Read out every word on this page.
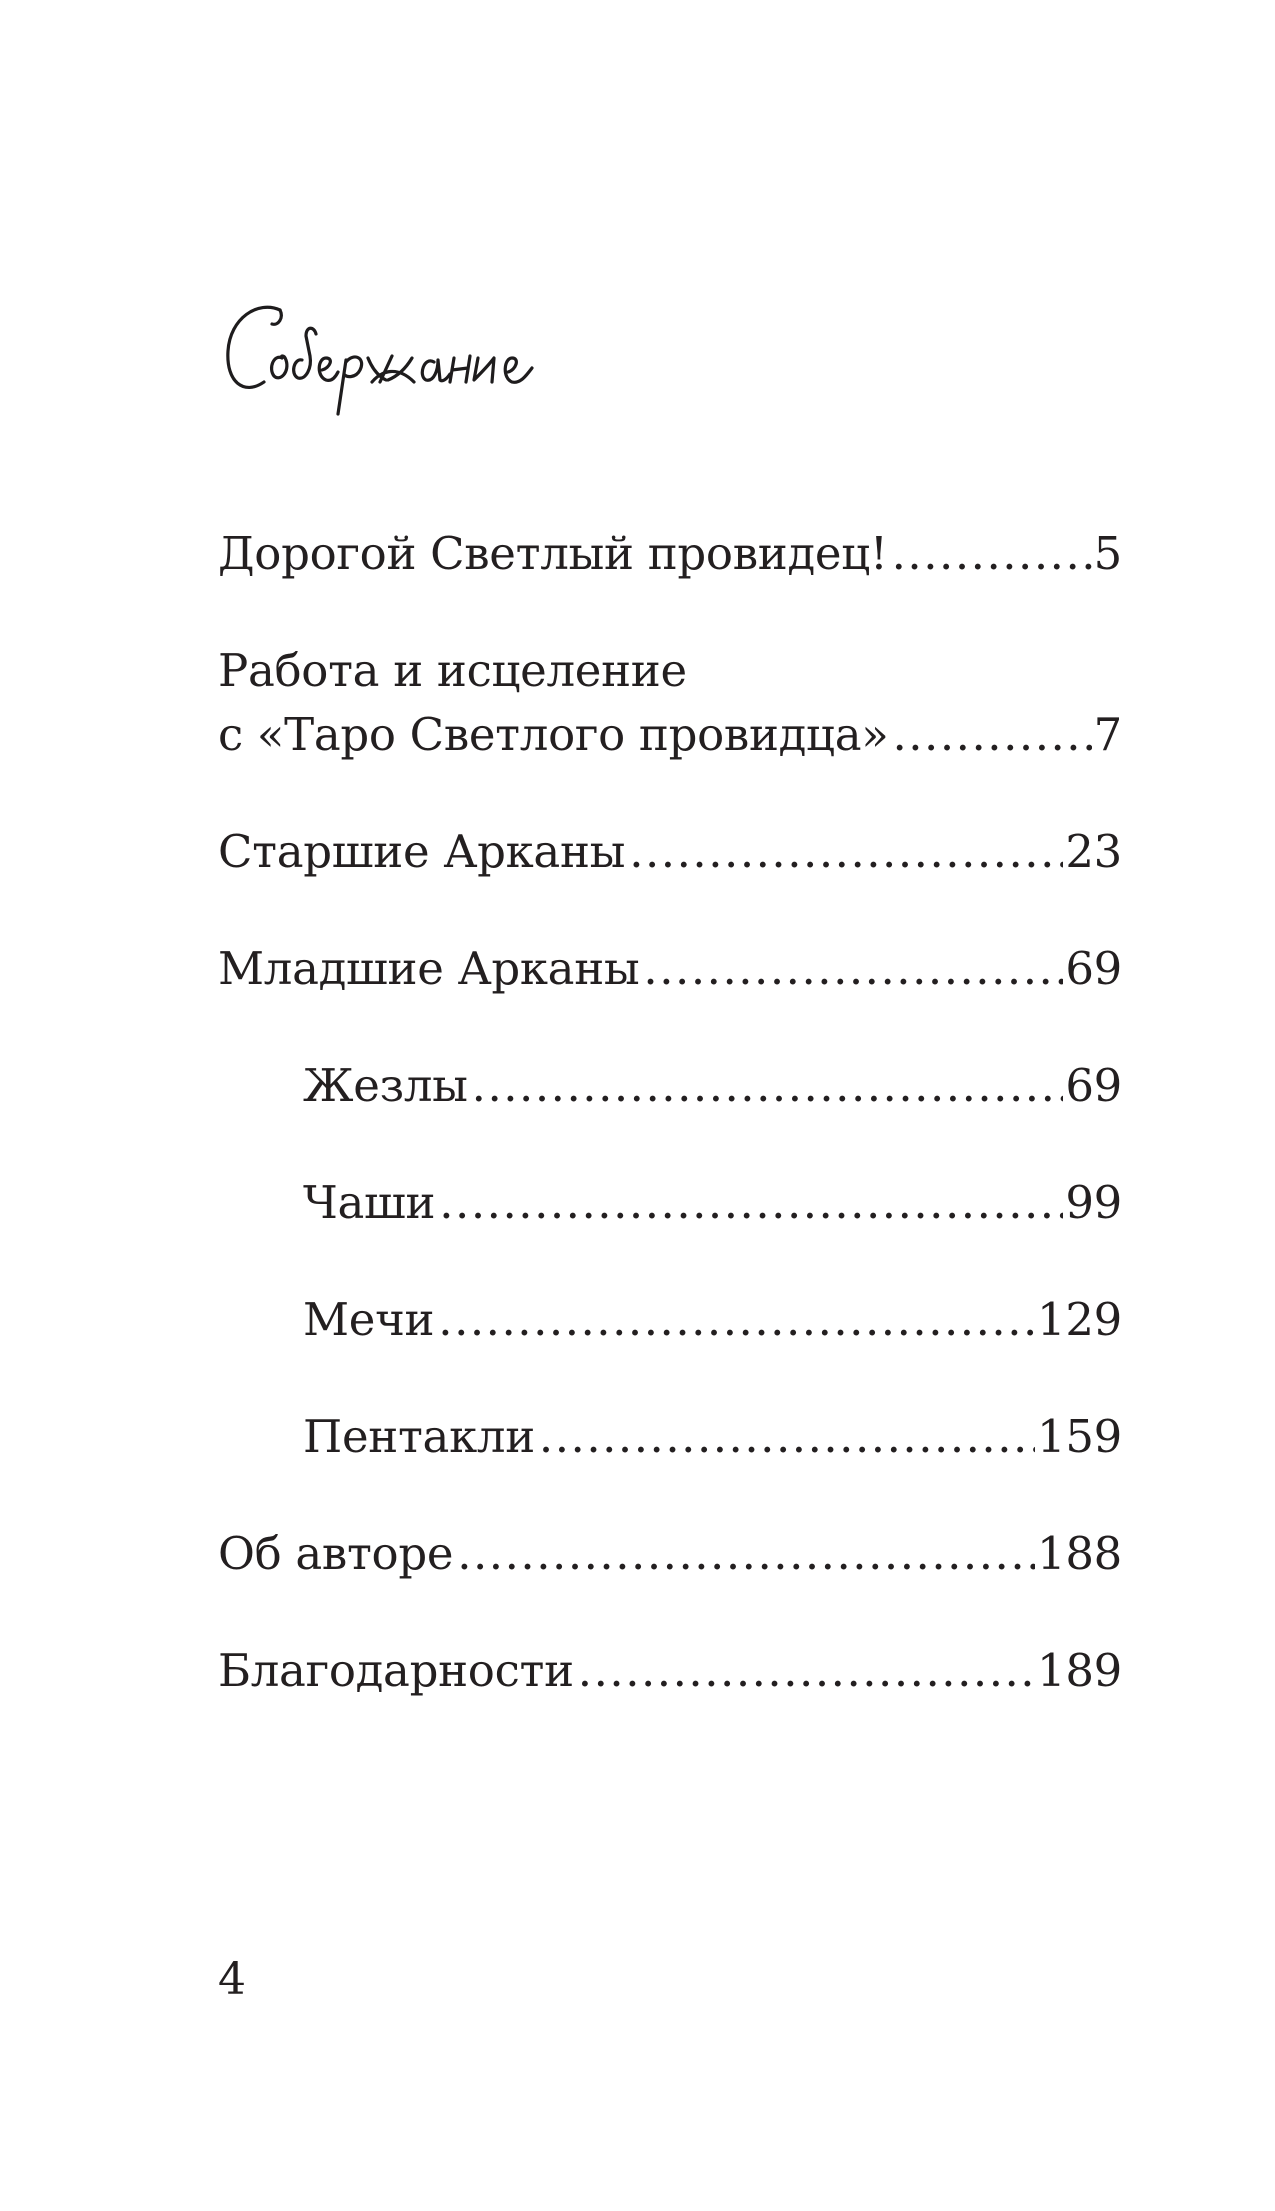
Дорогой Светлый провидец! .....	5
Работа и исцеление
с «Таро Светлого провидца» .....	7
Старшие Арканы .....	23
Младшие Арканы .....	69
Жезлы .....	69
Чаши .....	99
Мечи .....	129
Пентакли .....	159
Об авторе .....	188
Благодарности .....	189
4
